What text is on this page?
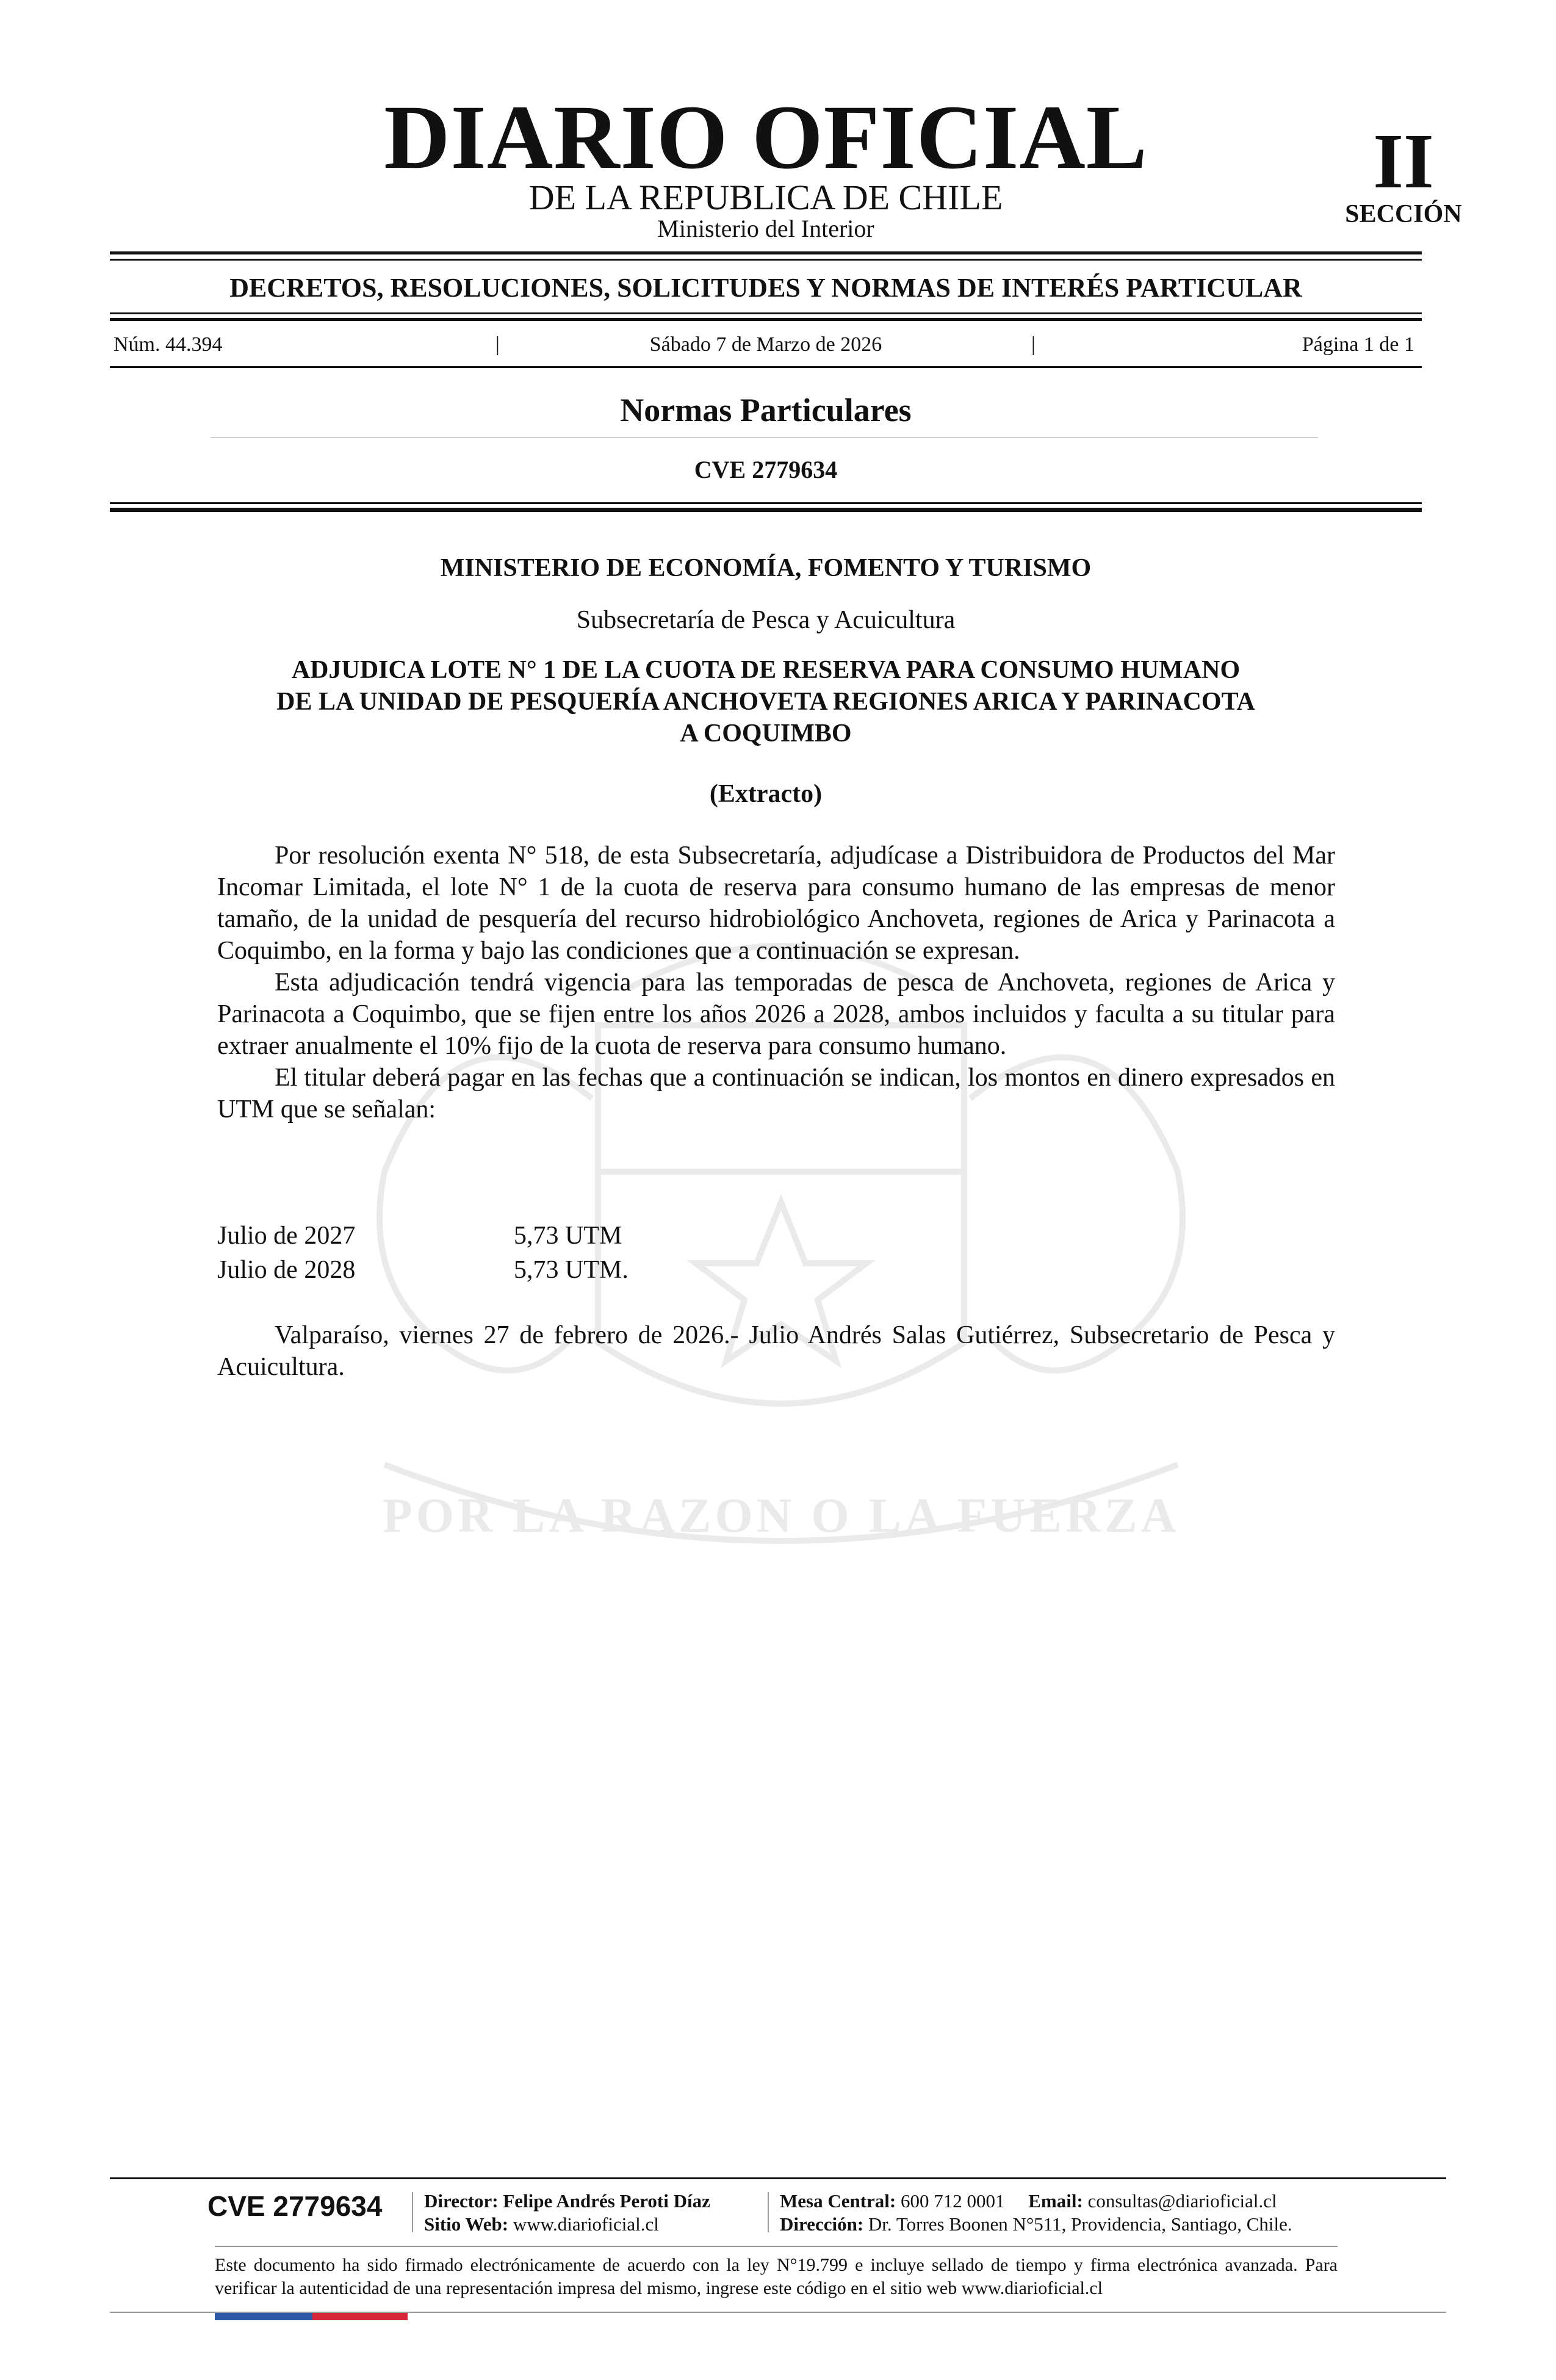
POR LA RAZON O LA FUERZA
DIARIO OFICIAL
DE LA REPUBLICA DE CHILE
Ministerio del Interior
II
SECCIÓN
DECRETOS, RESOLUCIONES, SOLICITUDES Y NORMAS DE INTERÉS PARTICULAR
Núm. 44.394	|	Sábado 7 de Marzo de 2026	|	Página 1 de 1
Normas Particulares
CVE 2779634
MINISTERIO DE ECONOMÍA, FOMENTO Y TURISMO
Subsecretaría de Pesca y Acuicultura
ADJUDICA LOTE N° 1 DE LA CUOTA DE RESERVA PARA CONSUMO HUMANO
DE LA UNIDAD DE PESQUERÍA ANCHOVETA REGIONES ARICA Y PARINACOTA
A COQUIMBO
(Extracto)

Por resolución exenta N° 518, de esta Subsecretaría, adjudícase a Distribuidora de Productos del Mar Incomar Limitada, el lote N° 1 de la cuota de reserva para consumo humano de las empresas de menor tamaño, de la unidad de pesquería del recurso hidrobiológico Anchoveta, regiones de Arica y Parinacota a Coquimbo, en la forma y bajo las condiciones que a continuación se expresan.

Esta adjudicación tendrá vigencia para las temporadas de pesca de Anchoveta, regiones de Arica y Parinacota a Coquimbo, que se fijen entre los años 2026 a 2028, ambos incluidos y faculta a su titular para extraer anualmente el 10% fijo de la cuota de reserva para consumo humano.

El titular deberá pagar en las fechas que a continuación se indican, los montos en dinero expresados en UTM que se señalan:

Julio de 2027	5,73 UTM
Julio de 2028	5,73 UTM.

Valparaíso, viernes 27 de febrero de 2026.- Julio Andrés Salas Gutiérrez, Subsecretario de Pesca y Acuicultura.

CVE 2779634	Director: Felipe Andrés Peroti Díaz
Sitio Web: www.diarioficial.cl
Mesa Central: 600 712 0001 Email: consultas@diarioficial.cl
Dirección: Dr. Torres Boonen N°511, Providencia, Santiago, Chile.
Este documento ha sido firmado electrónicamente de acuerdo con la ley N°19.799 e incluye sellado de tiempo y firma electrónica avanzada. Para verificar la autenticidad de una representación impresa del mismo, ingrese este código en el sitio web www.diarioficial.cl
